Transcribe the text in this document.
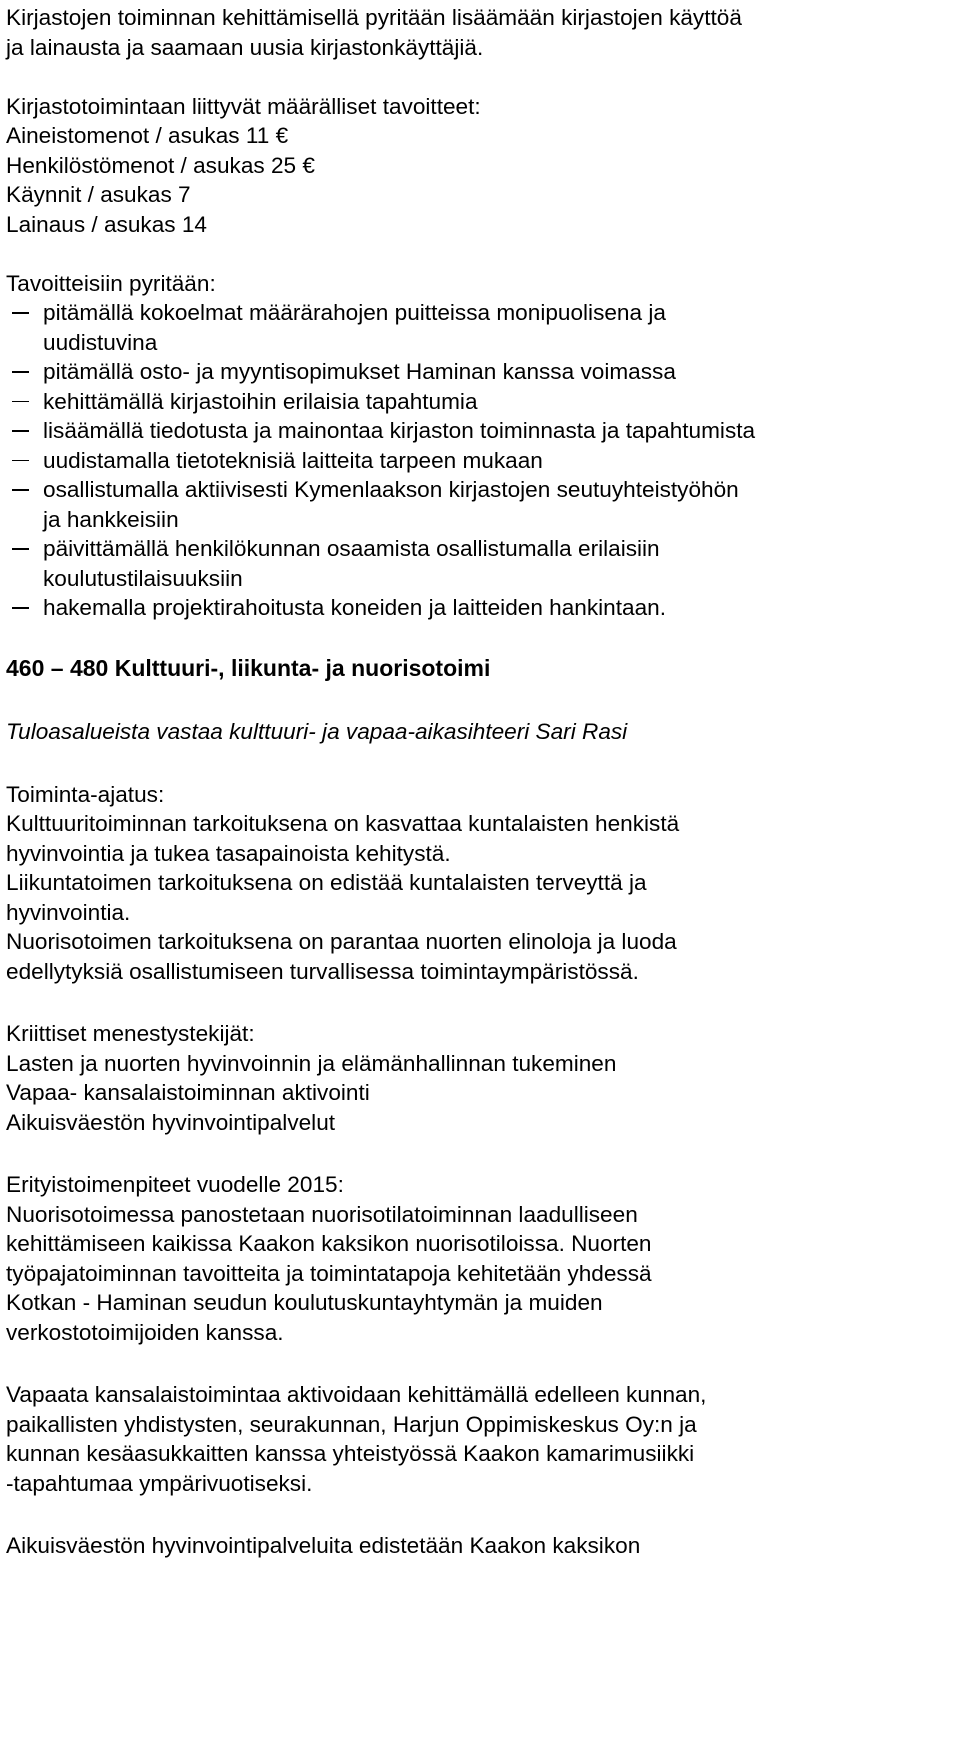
Kirjastojen toiminnan kehittämisellä pyritään lisäämään kirjastojen käyttöä
ja lainausta ja saamaan uusia kirjastonkäyttäjiä.
Kirjastotoimintaan liittyvät määrälliset tavoitteet:
Aineistomenot / asukas 11 €
Henkilöstömenot / asukas 25 €
Käynnit / asukas 7
Lainaus / asukas 14
Tavoitteisiin pyritään:
pitämällä kokoelmat määrärahojen puitteissa monipuolisena ja
uudistuvina
pitämällä osto- ja myyntisopimukset Haminan kanssa voimassa
kehittämällä kirjastoihin erilaisia tapahtumia
lisäämällä tiedotusta ja mainontaa kirjaston toiminnasta ja tapahtumista
uudistamalla tietoteknisiä laitteita tarpeen mukaan
osallistumalla aktiivisesti Kymenlaakson kirjastojen seutuyhteistyöhön
ja hankkeisiin
päivittämällä henkilökunnan osaamista osallistumalla erilaisiin
koulutustilaisuuksiin
hakemalla projektirahoitusta koneiden ja laitteiden hankintaan.
460 – 480 Kulttuuri-, liikunta- ja nuorisotoimi
Tuloasalueista vastaa kulttuuri- ja vapaa-aikasihteeri Sari Rasi
Toiminta-ajatus:
Kulttuuritoiminnan tarkoituksena on kasvattaa kuntalaisten henkistä
hyvinvointia ja tukea tasapainoista kehitystä.
Liikuntatoimen tarkoituksena on edistää kuntalaisten terveyttä ja
hyvinvointia.
Nuorisotoimen tarkoituksena on parantaa nuorten elinoloja ja luoda
edellytyksiä osallistumiseen turvallisessa toimintaympäristössä.
Kriittiset menestystekijät:
Lasten ja nuorten hyvinvoinnin ja elämänhallinnan tukeminen
Vapaa- kansalaistoiminnan aktivointi
Aikuisväestön hyvinvointipalvelut
Erityistoimenpiteet vuodelle 2015:
Nuorisotoimessa panostetaan nuorisotilatoiminnan laadulliseen
kehittämiseen kaikissa Kaakon kaksikon nuorisotiloissa. Nuorten
työpajatoiminnan tavoitteita ja toimintatapoja kehitetään yhdessä
Kotkan - Haminan seudun koulutuskuntayhtymän ja muiden
verkostotoimijoiden kanssa.
Vapaata kansalaistoimintaa aktivoidaan kehittämällä edelleen kunnan,
paikallisten yhdistysten, seurakunnan, Harjun Oppimiskeskus Oy:n ja
kunnan kesäasukkaitten kanssa yhteistyössä Kaakon kamarimusiikki
-tapahtumaa ympärivuotiseksi.
Aikuisväestön hyvinvointipalveluita edistetään Kaakon kaksikon
